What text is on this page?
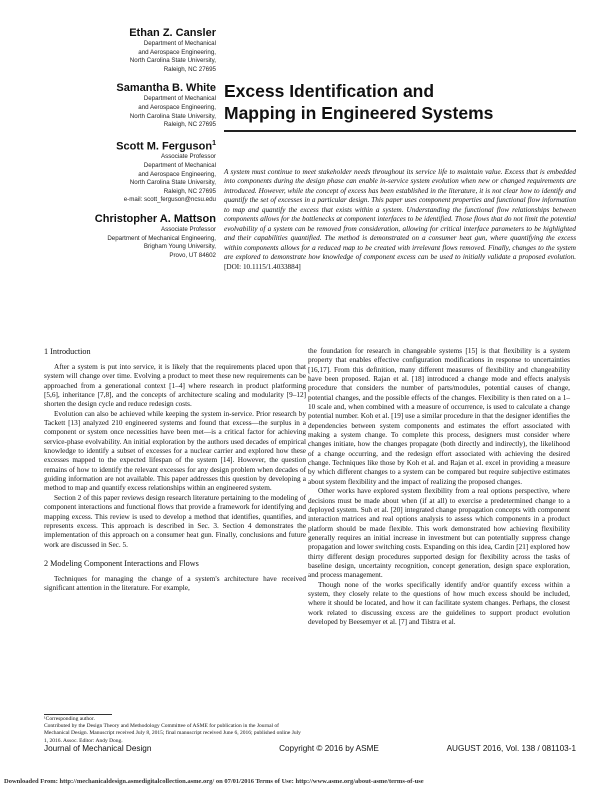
Ethan Z. Cansler
Department of Mechanical
and Aerospace Engineering,
North Carolina State University,
Raleigh, NC 27695
Samantha B. White
Department of Mechanical
and Aerospace Engineering,
North Carolina State University,
Raleigh, NC 27695
Scott M. Ferguson$^1$
Associate Professor
Department of Mechanical
and Aerospace Engineering,
North Carolina State University,
Raleigh, NC 27695
e-mail: scott_ferguson@ncsu.edu
Christopher A. Mattson
Associate Professor
Department of Mechanical Engineering,
Brigham Young University,
Provo, UT 84602
Excess Identification and
Mapping in Engineered Systems

A system must continue to meet stakeholder needs throughout its service life to maintain value. Excess that is embedded into components during the design phase can enable in-service system evolution when new or changed requirements are introduced. However, while the concept of excess has been established in the literature, it is not clear how to identify and quantify the set of excesses in a particular design. This paper uses component properties and functional flow information to map and quantify the excess that exists within a system. Understanding the functional flow relationships between components allows for the bottlenecks at component interfaces to be identified. Those flows that do not limit the potential evolvability of a system can be removed from consideration, allowing for critical interface parameters to be highlighted and their capabilities quantified. The method is demonstrated on a consumer heat gun, where quantifying the excess within components allows for a reduced map to be created with irrelevant flows removed. Finally, changes to the system are explored to demonstrate how knowledge of component excess can be used to initially validate a proposed evolution. [DOI: 10.1115/1.4033884]

1 Introduction

After a system is put into service, it is likely that the requirements placed upon that system will change over time. Evolving a product to meet these new requirements can be approached from a generational context [1–4] where research in product platforming [5,6], inheritance [7,8], and the concepts of architecture scaling and modularity [9–12] shorten the design cycle and reduce redesign costs.

Evolution can also be achieved while keeping the system in-service. Prior research by Tackett [13] analyzed 210 engineered systems and found that excess—the surplus in a component or system once necessities have been met—is a critical factor for achieving service-phase evolvability. An initial exploration by the authors used decades of empirical knowledge to identify a subset of excesses for a nuclear carrier and explored how these excesses mapped to the expected lifespan of the system [14]. However, the question remains of how to identify the relevant excesses for any design problem when decades of guiding information are not available. This paper addresses this question by developing a method to map and quantify excess relationships within an engineered system.

Section 2 of this paper reviews design research literature pertaining to the modeling of component interactions and functional flows that provide a framework for identifying and mapping excess. This review is used to develop a method that identifies, quantifies, and represents excess. This approach is described in Sec. 3. Section 4 demonstrates the implementation of this approach on a consumer heat gun. Finally, conclusions and future work are discussed in Sec. 5.

2 Modeling Component Interactions and Flows

Techniques for managing the change of a system's architecture have received significant attention in the literature. For example,

the foundation for research in changeable systems [15] is that flexibility is a system property that enables effective configuration modifications in response to uncertainties [16,17]. From this definition, many different measures of flexibility and changeability have been proposed. Rajan et al. [18] introduced a change mode and effects analysis procedure that considers the number of parts/modules, potential causes of change, potential changes, and the possible effects of the changes. Flexibility is then rated on a 1–10 scale and, when combined with a measure of occurrence, is used to calculate a change potential number. Koh et al. [19] use a similar procedure in that the designer identifies the dependencies between system components and estimates the effort associated with making a system change. To complete this process, designers must consider where changes initiate, how the changes propagate (both directly and indirectly), the likelihood of a change occurring, and the redesign effort associated with achieving the desired change. Techniques like those by Koh et al. and Rajan et al. excel in providing a measure by which different changes to a system can be compared but require subjective estimates about system flexibility and the impact of realizing the proposed changes.

Other works have explored system flexibility from a real options perspective, where decisions must be made about when (if at all) to exercise a predetermined change to a deployed system. Suh et al. [20] integrated change propagation concepts with component interaction matrices and real options analysis to assess which components in a product platform should be made flexible. This work demonstrated how achieving flexibility generally requires an initial increase in investment but can potentially suppress change propagation and lower switching costs. Expanding on this idea, Cardin [21] explored how thirty different design procedures supported design for flexibility across the tasks of baseline design, uncertainty recognition, concept generation, design space exploration, and process management.

Though none of the works specifically identify and/or quantify excess within a system, they closely relate to the questions of how much excess should be included, where it should be located, and how it can facilitate system changes. Perhaps, the closest work related to discussing excess are the guidelines to support product evolution developed by Beesemyer et al. [7] and Tilstra et al.

¹Corresponding author.

Contributed by the Design Theory and Methodology Committee of ASME for publication in the Journal of Mechanical Design. Manuscript received July 8, 2015; final manuscript received June 6, 2016; published online July 1, 2016. Assoc. Editor: Andy Dong.

Journal of Mechanical Design	Copyright © 2016 by ASME	AUGUST 2016, Vol. 138 / 081103-1
Downloaded From: http://mechanicaldesign.asmedigitalcollection.asme.org/ on 07/01/2016 Terms of Use: http://www.asme.org/about-asme/terms-of-use
